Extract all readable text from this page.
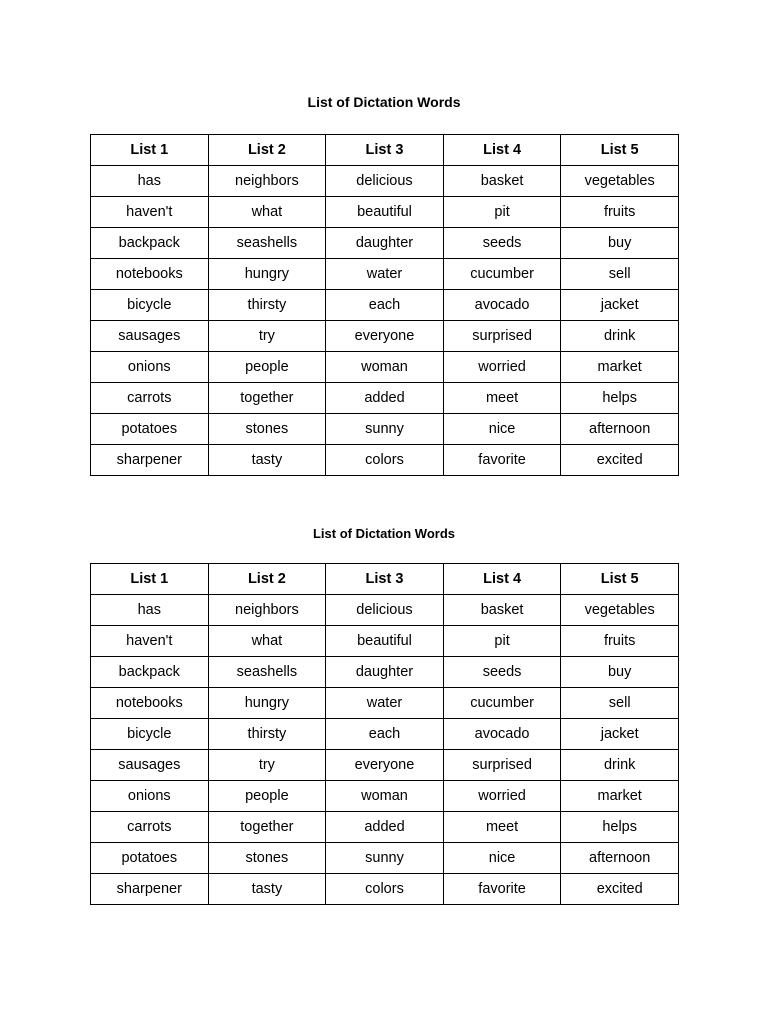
List of Dictation Words
List 1	List 2	List 3	List 4	List 5
has	neighbors	delicious	basket	vegetables
haven't	what	beautiful	pit	fruits
backpack	seashells	daughter	seeds	buy
notebooks	hungry	water	cucumber	sell
bicycle	thirsty	each	avocado	jacket
sausages	try	everyone	surprised	drink
onions	people	woman	worried	market
carrots	together	added	meet	helps
potatoes	stones	sunny	nice	afternoon
sharpener	tasty	colors	favorite	excited
List of Dictation Words
List 1	List 2	List 3	List 4	List 5
has	neighbors	delicious	basket	vegetables
haven't	what	beautiful	pit	fruits
backpack	seashells	daughter	seeds	buy
notebooks	hungry	water	cucumber	sell
bicycle	thirsty	each	avocado	jacket
sausages	try	everyone	surprised	drink
onions	people	woman	worried	market
carrots	together	added	meet	helps
potatoes	stones	sunny	nice	afternoon
sharpener	tasty	colors	favorite	excited
